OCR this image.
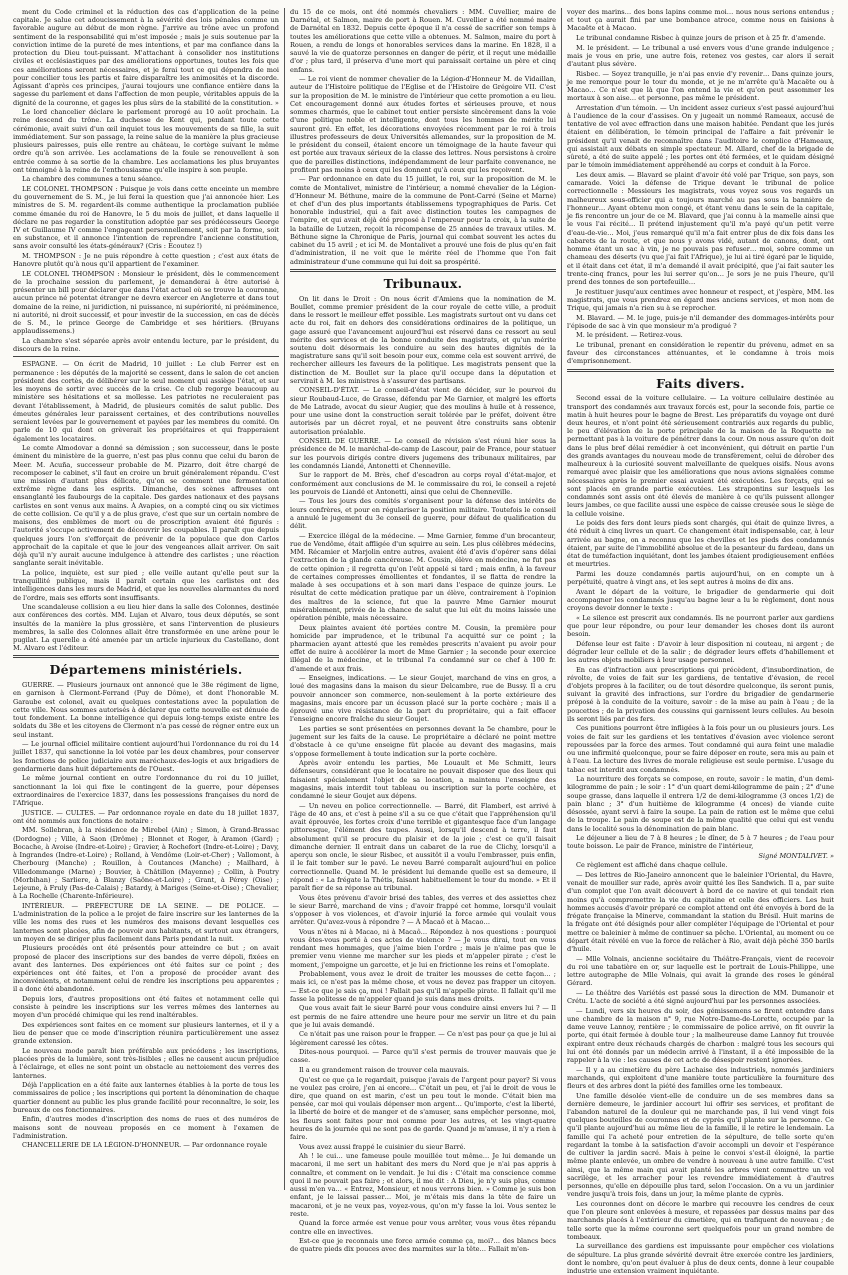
ment du Code criminel et la réduction des cas d'application de la peine capitale. Je salue cet adoucissement à la sévérité des lois pénales comme un favorable augure au début de mon règne. J'arrive au trône avec un profond sentiment de la responsabilité qui m'est imposée ; mais je suis soutenue par la conviction intime de la pureté de mes intentions, et par ma confiance dans la protection du Dieu tout-puissant. M'attachant à consolider nos institutions civiles et ecclésiastiques par des améliorations opportunes, toutes les fois que ces améliorations seront nécessaires, et je ferai tout ce qui dépendra de moi pour concilier tous les partis et faire disparaître les animosités et la discorde. Agissant d'après ces principes, j'aurai toujours une confiance entière dans la sagesse du parlement et dans l'affection de mon peuple, véritables appuis de la dignité de la couronne, et gages les plus sûrs de la stabilité de la constitution. »

Le lord chancelier déclare le parlement prorogé au 10 août prochain. La reine descend du trône. La duchesse de Kent qui, pendant toute cette cérémonie, avait suivi d'un œil inquiet tous les mouvements de sa fille, la suit immédiatement. Sur son passage, la reine salue de la manière la plus gracieuse plusieurs pairesses, puis elle rentre au château, le cortège suivant le même ordre qu'à son arrivée. Les acclamations de la foule se renouvellent à son entrée comme à sa sortie de la chambre. Les acclamations les plus bruyantes ont témoigné à la reine de l'enthousiasme qu'elle inspire à son peuple.

La chambre des communes a tenu séance.

LE COLONEL THOMPSON : Puisque je vois dans cette enceinte un membre du gouvernement de S. M., je lui ferai la question que j'ai annoncée hier. Les ministres de S. M. regardent-ils comme authentique la proclamation publiée comme émanée du roi de Hanovre, le 5 du mois de juillet, et dans laquelle il déclare ne pas regarder la constitution adoptée par ses prédécesseurs George IV et Guillaume IV comme l'engageant personnellement, soit par la forme, soit en substance, et il annonce l'intention de reprendre l'ancienne constitution, sans avoir consulté les états-généraux? (Cris : Ecoutez !)

M. THOMPSON : Je ne puis répondre à cette question ; c'est aux états de Hanovre plutôt qu'à nous qu'il appartient de l'examiner.

LE COLONEL THOMPSON : Monsieur le président, dès le commencement de la prochaine session du parlement, je demanderai à être autorisé à présenter un bill pour déclarer que dans l'état actuel où se trouve la couronne, aucun prince né potentat étranger ne devra exercer en Angleterre et dans tout domaine de la reine, ni juridiction, ni puissance, ni supériorité, ni prééminence, ni autorité, ni droit successif, et pour investir de la succession, en cas de décès de S. M., le prince George de Cambridge et ses héritiers. (Bruyans applaudissemens.)

La chambre s'est séparée après avoir entendu lecture, par le président, du discours de la reine.

ESPAGNE. — On écrit de Madrid, 10 juillet : Le club Ferrer est en permanence : les députés de la majorité se cessent, dans le salon de cet ancien président des cortès, de délibérer sur le seul moment qui assiège l'état, et sur les moyens de sortir avec succès de la crise. Ce club regorge beaucoup au ministère ses hésitations et sa mollesse. Les patriotes ne reculeraient pas devant l'établissement, à Madrid, de plusieurs comités de salut public. Des émeutes générales leur paraissent certaines, et des contributions nouvelles seraient levées par le gouvernement et payées par les membres du comité. On parle de 10 qui dont on grèverait les propriétaires et qui frapperaient également les locataires.

Le comte Almodovar a donné sa démission ; son successeur, dans le poste éminent du ministère de la guerre, n'est pas plus connu que celui du baron de Meer. M. Acuña, successeur probable de M. Pizarro, doit être chargé de recomposer le cabinet, s'il faut en croire un bruit généralement répandu. C'est une mission d'autant plus délicate, qu'on se comment une fermentation extrême règne dans les esprits. Dimanche, des scènes affreuses ont ensanglanté les faubourgs de la capitale. Des gardes nationaux et des paysans carlistes en sont venus aux mains. À Avapies, on a compté cinq ou six victimes de cette collision. Ce qu'il y a de plus grave, c'est que sur un certain nombre de maisons, des emblèmes de mort ou de proscription avaient été figurés : l'autorité s'occupe activement de découvrir les coupables. Il paraît que depuis quelques jours l'on s'efforçait de prévenir de la populace que don Carlos approchait de la capitale et que le jour des vengeances allait arriver. On sait déjà qu'il n'y aurait aucune indulgence à attendre des carlistes ; une réaction sanglante serait inévitable.

La police, inquiète, est sur pied ; elle veille autant qu'elle peut sur la tranquillité publique, mais il paraît certain que les carlistes ont des intelligences dans les murs de Madrid, et que les nouvelles alarmantes du nord de l'ordre, mais ses efforts sont insuffisants.

Une scandaleuse collision a eu lieu hier dans la salle des Colonnes, destinée aux conférences des cortès. MM. Lujan et Alvaro, tous deux députés, se sont insultés de la manière la plus grossière, et sans l'intervention de plusieurs membres, la salle des Colonnes allait être transformée en une arène pour le pugilat. La querelle a été amenée par un article injurieux du Castellano, dont M. Alvaro est l'éditeur.

Départemens ministériels.

GUERRE. — Plusieurs journaux ont annoncé que le 38e régiment de ligne, en garnison à Clermont-Ferrand (Puy de Dôme), et dont l'honorable M. Garaube est colonel, avait eu quelques contestations avec la population de cette ville. Nous sommes autorisés à déclarer que cette nouvelle est dénuée de tout fondement. La bonne intelligence qui depuis long-temps existe entre les soldats du 38e et les citoyens de Clermont n'a pas cessé de régner entre eux un seul instant.

— Le journal officiel militaire contient aujourd'hui l'ordonnance du roi du 14 juillet 1837, qui sanctionne la loi votée par les deux chambres, pour conserver les fonctions de police judiciaire aux maréchaux-des-logis et aux brigadiers de gendarmerie dans huit départements de l'Ouest.

Le même journal contient en outre l'ordonnance du roi du 10 juillet, sanctionnant la loi qui fixe le contingent de la guerre, pour dépenses extraordinaires de l'exercice 1837, dans les possessions françaises du nord de l'Afrique.

JUSTICE. — CULTES. — Par ordonnance royale en date du 18 juillet 1837, ont été nommés aux fonctions de notaire :

MM. Sollebran, à la résidence de Mirebel (Ain) ; Simon, à Grand-Brassac (Dordogne) ; Ville, à Saon (Drôme) ; Blonnet et Roger, à Aramon (Gard) ; Bocache, à Avoise (Indre-et-Loire) ; Gravier, à Rochefort (Indre-et-Loire) ; Davy, à Ingrandes (Indre-et-Loire) ; Rolland, à Vendôme (Loir-et-Cher) ; Vallomont, à Cherbourg (Manche) ; Rouillon, à Coutances (Manche) ; Mailhard, à Villedommange (Marne) ; Bouvier, à Châtillon (Mayenne) ; Collin, à Poutry (Morbihan) ; Sarliere, à Blanzy (Saône-et-Loire) ; Grant, à Pérey (Oise) ; Lejeune, à Fruly (Pas-de-Calais) ; Batardy, à Mariges (Seine-et-Oise) ; Chevalier, à La Rochelle (Charente-Inférieure).

INTÉRIEUR. — PRÉFECTURE DE LA SEINE. — DE POLICE. — L'administration de la police a le projet de faire inscrire sur les lanternes de la ville les noms des rues et les numéros des maisons devant lesquelles ces lanternes sont placées, afin de pouvoir aux habitants, et surtout aux étrangers, un moyen de se diriger plus facilement dans Paris pendant la nuit.

Plusieurs procédés ont été présentés pour atteindre ce but ; on avait proposé de placer des inscriptions sur des bandes de verre dépoli, fixées en avant des lanternes. Des expériences ont été faites sur ce point ; des expériences ont été faites, et l'on a proposé de procéder avant des inconvénients, et notamment celui de rendre les inscriptions peu apparentes ; il a donc été abandonné.

Depuis lors, d'autres propositions ont été faites et notamment celle qui consiste à peindre les inscriptions sur les verres mêmes des lanternes au moyen d'un procédé chimique qui les rend inaltérables.

Des expériences sont faites en ce moment sur plusieurs lanternes, et il y a lieu de penser que ce mode d'inscription réunira particulièrement une assez grande extension.

Le nouveau mode paraît bien préférable aux précédens ; les inscriptions, placées près de la lumière, sont très-lisibles ; elles ne causent aucun préjudice à l'éclairage, et elles ne sont point un obstacle au nettoiement des verres des lanternes.

Déjà l'application en a été faite aux lanternes établies à la porte de tous les commissaires de police ; les inscriptions qui portent la dénomination de chaque quartier donnent au public les plus grande facilité pour reconnaître, le soir, les bureaux de ces fonctionnaires.

Enfin, d'autres modes d'inscription des noms de rues et des numéros de maisons sont de nouveau proposés en ce moment à l'examen de l'administration.

CHANCELLERIE DE LA LÉGION-D'HONNEUR. — Par ordonnance royale

du 15 de ce mois, ont été nommés chevaliers : MM. Cuvellier, maire de Darnétal, et Salmon, maire de port à Rouen. M. Cuvellier a été nommé maire de Darnétal en 1832. Depuis cette époque il n'a cessé de sacrifier son temps à toutes les améliorations que cette ville a obtenues. M. Salmon, maire du port à Rouen, a rendu de longs et honorables services dans la marine. En 1828, il a sauvé la vie de quatorze personnes en danger de périr, et il reçut une médaille d'or ; plus tard, il préserva d'une mort qui paraissait certaine un père et cinq enfans.

— Le roi vient de nommer chevalier de la Légion-d'Honneur M. de Vidaillan, auteur de l'Histoire politique de l'Eglise et de l'Histoire de Grégoire VII. C'est sur la proposition de M. le ministre de l'intérieur que cette promotion a eu lieu. Cet encouragement donné aux études fortes et sérieuses prouve, et nous sommes charmés, que le cabinet tout entier persiste sincèrement dans la voie d'une politique noble et intelligente, dont tous les hommes de mérite lui sauront gré. En effet, les décorations envoyées récemment par le roi à trois illustres professeurs de deux Universités allemandes, sur la proposition de M. le président du conseil, étaient encore un témoignage de la haute faveur qui est portée aux travaux sérieux de la classe des lettres. Nous persistons à croire que de pareilles distinctions, indépendamment de leur parfaite convenance, ne profitent pas moins à ceux qui les donnent qu'à ceux qui les reçoivent.

— Par ordonnance en date du 15 juillet, le roi, sur la proposition de M. le comte de Montalivet, ministre de l'intérieur, a nommé chevalier de la Légion-d'Honneur M. Béthune, maire de la commune de Pont-Carré (Seine et Marne) et chef d'un des plus importants établissemens typographiques de Paris. Cet honorable industriel, qui a fait avec distinction toutes les campagnes de l'empire, et qui avait déjà été proposé à l'empereur pour la croix, à la suite de la bataille de Lutzen, reçoit la récompense de 25 années de travaux utiles. M. Béthune signe la Chronique de Paris, journal qui combat souvent les actes du cabinet du 15 avril ; et ici M. de Montalivet a prouvé une fois de plus qu'en fait d'administration, il ne voit que le mérite réel de l'homme que l'on fait administrateur d'une commune qui lui doit sa prospérité.

Tribunaux.

On lit dans le Droit : On nous écrit d'Amiens que la nomination de M. Boullet, comme premier président de la cour royale de cette ville, a produit dans le ressort le meilleur effet possible. Les magistrats surtout ont vu dans cet acte du roi, fait en dehors des considérations ordinaires de la politique, un gage assuré que l'avancement aujourd'hui est réservé dans ce ressort au seul mérite des services et de la bonne conduite des magistrats, et qu'un mérite soutenu doit désormais les conduire au sein des hautes dignités de la magistrature sans qu'il soit besoin pour eux, comme cela est souvent arrivé, de rechercher ailleurs les faveurs de la politique. Les magistrats pensent que la distinction de M. Boullet sur la place qu'il occupe dans la députation et servirait à M. les ministres à s'assurer des partisans.

CONSEIL-D'ÉTAT. — Le conseil-d'état vient de décider, sur le pourvoi du sieur Roubaud-Luce, de Grasse, défendu par Me Garnier, et malgré les efforts de Me Latrade, avocat du sieur Augier, que des moulins à huile et à ressence, pour une usine dont la construction serait tolérée par le préfet, doivent être autorisés par un décret royal, et ne peuvent être construits sans obtenir autorisation préalable.

CONSEIL DE GUERRE. — Le conseil de révision s'est réuni hier sous la présidence de M. le maréchal-de-camp de Lascour, pair de France, pour statuer sur les pourvois dirigés contre divers jugemens des tribunaux militaires, par les condamnés Liandé, Antonetti et Chenneville.

Sur le rapport de M. Brès, chef d'escadron au corps royal d'état-major, et conformément aux conclusions de M. le commissaire du roi, le conseil a rejeté les pourvois de Liandé et Antonetti, ainsi que celui de Chenneville.

— Tous les jours des comités s'organisent pour la défense des intérêts de leurs confrères, et pour en régulariser la position militaire. Toutefois le conseil a annulé le jugement du 3e conseil de guerre, pour défaut de qualification du délit.

— Exercice illégal de la médecine. — Mme Garnier, femme d'un brocanteur, rue de Vendôme, était affligée d'un squirre au sein. Les plus célèbres médecins, MM. Récamier et Marjolin entre autres, avaient été d'avis d'opérer sans délai l'extraction de la glande cancéreuse. M. Cousin, élève en médecine, ne fut pas de cette opinion ; il regretta qu'on l'eût appelé si tard ; mais enfin, à la faveur de certaines compresses émollientes et fondantes, il se flatta de rendre la malade à ses occupations et à son mari dans l'espace de quinze jours. Le résultat de cette médication pratique par un élève, contrairement à l'opinion des maîtres de la science, fut que la pauvre Mme Garnier mourut misérablement, privée de la chance de salut que lui eût du moins laissée une opération pénible, mais nécessaire.

Deux plaintes avaient été portées contre M. Cousin, la première pour homicide par imprudence, et le tribunal l'a acquitté sur ce point ; la pharmacien ayant attesté que les remèdes prescrits n'avaient pu avoir pour effet de nuire à accélérer la mort de Mme Garnier ; la seconde pour exercice illégal de la médecine, et le tribunal l'a condamné sur ce chef à 100 fr. d'amende et aux frais.

— Enseignes, indications. — Le sieur Goujet, marchand de vins en gros, a loué des magasins dans la maison du sieur Delcambre, rue de Bussy. Il a cru pouvoir annoncer son commerce, non-seulement à la porte extérieure des magasins, mais encore par un écusson placé sur la porte cochère ; mais il a éprouvé une vive résistance de la part du propriétaire, qui a fait effacer l'enseigne encore fraîche du sieur Goujet.

Les parties se sont présentées en personnes devant la 5e chambre, pour le jugement sur les faits de la cause. Le propriétaire a déclaré ne point mettre d'obstacle à ce qu'une enseigne fût placée au devant des magasins, mais s'oppose formellement à toute indication sur la porte cochère.

Après avoir entendu les parties, Me Louault et Me Schmitt, leurs défenseurs, considérant que le locataire ne pouvait disposer que des lieux qui faisaient spécialement l'objet de sa location, a maintenu l'enseigne des magasins, mais interdit tout tableau ou inscription sur la porte cochère, et condamné le sieur Goujet aux dépens.

— Un neveu en police correctionnelle. — Barré, dit Flamberl, est arrivé à l'âge de 40 ans, et c'est à peine s'il a su ce que c'était que l'appréhension qu'il avait éprouvée, les fortes croix d'une terrible et gigantesque face d'un langage pittoresque, l'élément des taupes. Aussi, lorsqu'il descend à terre, il faut absolument qu'il se procure du plaisir et de la joie ; c'est ce qu'il faisait dimanche dernier. Il entrait dans un cabaret de la rue de Clichy, lorsqu'il a aperçu son oncle, le sieur Risbec, et aussitôt il a voulu l'embrasser, puis enfin, il le fait tomber sur le pavé. Le neveu Barré comparaît aujourd'hui en police correctionnelle. Quand M. le président lui demande quelle est sa demeure, il répond : « La frégate la Thétis, faisant habituellement le tour du monde. » Et il paraît fier de sa réponse au tribunal.

Vous êtes prévenu d'avoir brisé des tables, des verres et des assiettes chez le sieur Barré, marchand de vins ; d'avoir frappé cet homme, lorsqu'il voulait s'opposer à vos violences, et d'avoir injurié la force armée qui voulait vous arrêter. Qu'avez-vous à répondre ? — À Macaô et à Macao…

Vous n'êtes ni à Macao, ni à Macaô… Répondez à nos questions : pourquoi vous êtes-vous porté à ces actes de violence ? — Je vous dirai, tout en vous rendant mes hommages, que j'aime bien l'ordre ; mais je n'aime pas que le premier venu vienne me marcher sur les pieds et m'appeler pirate ; c'est le moment, j'empoigne un garcette, et je lui en frictionne les reins et l'omoplate.

Probablement, vous avez le droit de traiter les mousses de cette façon… ; mais ici, ce n'est pas la même chose, et vous ne devez pas frapper un citoyen. — Est-ce que je sais ça, moi ! Fallait pas qu'il m'appelle pirate. Il fallait qu'il me fasse la politesse de m'appeler quand je suis dans mes droits.

Que vous avait fait le sieur Barré pour vous conduire ainsi envers lui ? — Il est permis de ne faire attendre une heure pour me servir un litre et du pain que je lui avais demandé.

Ce n'était pas une raison pour le frapper. — Ce n'est pas pour ça que je lui ai légèrement caressé les côtes.

Dites-nous pourquoi. — Parce qu'il s'est permis de trouver mauvais que je casse.

Il a eu grandement raison de trouver cela mauvais.

Qu'est ce que ça le regardait, puisque j'avais de l'argent pour payer? Si vous ne voulez pas croire, j'en ai encore… C'était un peu, et j'ai le droit de vous le dire, que quand on est marin, c'est un peu tout le monde. C'était bien ma pensée, car moi qui voulais dépenser mon argent… Qu'importe, c'est la liberté, la liberté de boire et de manger et de s'amuser, sans empêcher personne, moi, les fleurs sont faites pour moi comme pour les autres, et les vingt-quatre heures de la journée qui ne sont pas de garde. Quand je m'amuse, il n'y a rien à faire.

Vous avez aussi frappé le cuisinier du sieur Barré.

Ah ! le cui… une fameuse poule mouillée tout même… Je lui demande un macaroni, il me sert un habitant des mers du Nord que je n'ai pas appris à connaître, et comment on le vendait. Je lui dis : C'était ma conscience comme quoi il ne pouvait pas faire ; et alors, il me dit : A Dieu, je n'y suis plus, comme aussi m'en va… « Entrez, Monsieur, et nous verrons bien. » Comme je suis bon enfant, je le laissai passer… Moi, je m'étais mis dans la tête de faire un macaroni, et je ne veux pas, voyez-vous, qu'on m'y fasse la loi. Vous sentez le reste.

Quand la force armée est venue pour vous arrêter, vous vous êtes répandu contre elle en invectives.

Est-ce que je reconnais une force armée comme ça, moi?… des blancs becs de quatre pieds dix pouces avec des marmites sur la tête… Fallait m'en-

voyer des marins… des bons lapins comme moi… nous nous serions entendus ; et tout ça aurait fini par une bombance atroce, comme nous en faisions à Macaëte et à Macao.

Le tribunal condamne Risbec à quinze jours de prison et à 25 fr. d'amende.

M. le président. — Le tribunal a usé envers vous d'une grande indulgence ; mais je vous en prie, une autre fois, retenez vos gestes, car alors il serait d'autant plus sévère.

Risbec. — Soyez tranquille, je n'ai pas envie d'y revenir… Dans quinze jours, je me remorque pour le tour du monde, et je ne m'arrête qu'à Macaëte ou à Macao… Ce n'est que là que l'on entend la vie et qu'on peut assommer les mortaux à son aise… et personne, pas même le président.

Arrestation d'un témoin. — Un incident assez curieux s'est passé aujourd'hui à l'audience de la cour d'assises. On y jugeait un nommé Rameaux, accusé de tentative de vol avec effraction dans une maison habitée. Pendant que les jurés étaient en délibération, le témoin principal de l'affaire a fait prévenir le président qu'il venait de reconnaître dans l'auditoire le complice d'Hameaux, qui assistait aux débats en simple spectateur. M. Allard, chef de la brigade de sûreté, a été de suite appelé ; les portes ont été fermées, et le quidam désigné par le témoin immédiatement appréhendé au corps et conduit à la Force.

Les deux amis. — Blavard se plaint d'avoir été volé par Trique, son pays, son camarade. Voici la défense de Trique devant le tribunal de police correctionnelle : Messieurs les magistrats, vous voyez sous vos regards un malheureux sous-officier qui a toujours marché au pas sous la bannière de l'honneur… Ayant obtenu mon congé, et étant venu dans le sein de la capitale, je fis rencontre un jour de ce M. Blavard, que j'ai connu à la mamelle ainsi que le vous l'ai récité… Il prétend injustement qu'il m'a payé qu'un petit verre d'eau-de-vie… Moi, j'eus remarqué qu'il m'a fait entrer plus de dix fois dans les cabarets de la route, et que nous y avons vidé, autant de canons, dont, ont homme étant un sac à vin, je ne pouvais pas refuser… moi, sobre comme un chameau des déserts (vu que j'ai fait l'Afrique), je lui ai tiré égaré par le liquide, et il était dans cet état, il m'a demandé il avait précipité, que j'ai fait sauter les trente-cinq francs, pour les lui serrer qu'on… Je sors je ne puis l'heure, qu'il prend des tonnes de son portefeuille…

Je restituer jusqu'aux centimes avec honneur et respect, et j'espère, MM. les magistrats, que vous prendrez en égard mes anciens services, et mon nom de Trique, qui jamais n'a rien su à se reprocher.

M. Blavard. — M. le juge, puis-je n'il demander des dommages-intérêts pour l'épisode de sac à vin que monsieur m'a prodigué ?

M. le président. — Retirez-vous.

Le tribunal, prenant en considération le repentir du prévenu, admet en sa faveur des circonstances atténuantes, et le condamne à trois mois d'emprisonnement.

Faits divers.

Second essai de la voiture cellulaire. — La voiture cellulaire destinée au transport des condamnés aux travaux forcés est, pour la seconde fois, partie ce matin à huit heures pour le bagne de Brest. Les préparatifs du voyage ont duré deux heures, et n'ont point été sérieusement contrariés aux regards du public, le peu d'élévation de la porte principale de la maison de la Roquette ne permettant pas à la voiture de pénétrer dans la cour. On nous assure qu'on doit dans le plus bref délai remédier à cet inconvénient, qui détruit en partie l'un des grands avantages du nouveau mode de transfèrement, celui de dérober des malheureux à la curiosité souvent malveillante de quelques oisifs. Nous avons remarqué avec plaisir que les améliorations que nous avions signalées comme nécessaires après le premier essai avaient été exécutées. Les forçats, qui se sont placés en grande partie exécutées. Les strapontins sur lesquels les condamnés sont assis ont été élevés de manière à ce qu'ils puissent allonger leurs jambes, ce que facilite aussi une espèce de caisse creusée sous le siège de la cellule voisine.

Le poids des fers dont leurs pieds sont chargés, qui était de quinze livres, a été réduit à cinq livres un quart. Ce changement était indispensable, car, à leur arrivée au bagne, on a reconnu que les chevilles et les pieds des condamnés étaient, par suite de l'immobilité absolue et de la pesanteur du fardeau, dans un état de tuméfaction inquiétant, dont les jambes étaient prodigieusement enflées et meurtries.

Parmi les douze condamnés partis aujourd'hui, on en compte un à perpétuité, quatre à vingt ans, et les sept autres à moins de dix ans.

Avant le départ de la voiture, le brigadier de gendarmerie qui doit accompagner les condamnés jusqu'au bagne leur a lu le règlement, dont nous croyons devoir donner le texte :

« Le silence est prescrit aux condamnés. Ils ne pourront parler aux gardiens que pour leur répondre, ou pour leur demander les choses dont ils auront besoin.

Défense leur est faite : D'avoir à leur disposition ni couteau, ni argent ; de dégrader leur cellule et de la salir ; de dégrader leurs effets d'habillement et les autres objets mobiliers à leur usage personnel.

En cas d'infraction aux prescriptions qui précèdent, d'insubordination, de révolte, de voies de fait sur les gardiens, de tentative d'évasion, de recel d'objets propres à la faciliter, ou de tout désordre quelconque, ils seront punis, suivant la gravité des infractions, sur l'ordre du brigadier de gendarmerie préposé à la conduite de la voiture, savoir : de la mise au pain à l'eau ; de la poucettes ; de la privation des coussins qui garnissent leurs cellules. Au besoin ils seront liés par des fers.

Ces punitions pourront être infligées à la fois pour un ou plusieurs jours. Les voies de fait sur les gardiens et les tentatives d'évasion avec violence seront repoussées par la force des armes. Tout condamné qui aura feint une maladie ou une infirmité quelconque, pour se faire déposer en route, sera mis au pain et à l'eau. La lecture des livres de morale religieuse est seule permise. L'usage du tabac est interdit aux condamnés.

La nourriture des forçats se compose, en route, savoir : le matin, d'un demi-kilogramme de pain ; le soir : 1° d'un quart demi-kilogramme de pain ; 2° d'une soupe grasse, dans laquelle il entrera 1/2 de demi-kilogramme (3 onces 1/2) de pain blanc ; 3° d'un huitième de kilogramme (4 onces) de viande cuite désossée, ayant servi à faire la soupe. La pain de ration est le même que celui de la troupe. Le pain de soupe est de la même qualité que celui qui est vendu dans le localité sous la dénomination de pain blanc.

Le déjeuner a lieu de 7 à 8 heures ; le dîner, de 5 à 7 heures ; de l'eau pour toute boisson. Le pair de France, ministre de l'intérieur,

Signé MONTALIVET. »

Ce règlement est affiché dans chaque cellule.

— Des lettres de Rio-Janeiro annoncent que le baleinier l'Oriental, du Havre, venait de mouiller sur rade, après avoir quitté les îles Sandwich. Il a, par suite d'un complot que l'on avait découvert à bord de ce navire et qui tendait rien moins qu'à compromettre la vie du capitaine et celle des officiers. Les huit hommes accusés d'avoir préparé ce complot attend ont été envoyés à bord de la frégate française la Minerve, commandant la station du Brésil. Huit marins de la frégate ont été désignés pour aller compléter l'équipage de l'Oriental et pour mettre ce baleinier à même de continuer sa pêche. L'Oriental, au moment ou ce départ était révélé en vue la force de relâcher à Rio, avait déjà pêché 350 barils d'huile.

— Mlle Volnais, ancienne sociétaire du Théâtre-Français, vient de recevoir du roi une tabatière en or, sur laquelle est le portrait de Louis-Philippe, une lettre autographe de Mlle Volnais, qui avait la grande des roses le général Gérard.

— Le théâtre des Variétés est passé sous la direction de MM. Dumanoir et Crétu. L'acte de société a été signé aujourd'hui par les personnes associées.

— Lundi, vers six heures du soir, des gémissemens se firent entendre dans une chambre de la maison n° 9, rue Notre-Dame-de-Lorette, occupée par la dame veuve Lannoy, rentière ; le commissaire de police arrivé, on fit ouvrir la porte, qui était fermée à double tour ; la malheureuse dame Lannoy fut trouvée expirant entre deux réchauds chargés de charbon : malgré tous les secours qui lui ont été donnés par un médecin arrivé à l'instant, il a été impossible de la rappeler à la vie : les causes de cet acte de désespoir restent ignorées.

— Il y a au cimetière du père Lachaise des industriels, nommés jardiniers marchands, qui exploitent d'une manière toute particulière la fourniture des fleurs et des arbres dont la piété des familles orne les tombeaux.

Une famille désolée vient-elle de conduire un de ses membres dans sa dernière demeure, le jardinier accourt lui offrir ses services, et profitant de l'abandon naturel de la douleur qui ne marchande pas, il lui vend vingt fois quelques bouteilles de couronnes et de cyprès qu'il plante sur la personne. Ce qu'il plante aujourd'hui au même lieu de la famille, il le retire le lendemain. La famille qui l'a acheté pour entretien de la sépulture, de telle sorte qu'en regardant la tombe à la satisfaction d'avoir accompli un devoir et l'espérance de cultiver la jardin sacré. Mais à peine le convoi s'est-il éloigné, la partie même plante enlevée, un ombre de vendre à nouveau à une autre famille. C'est ainsi, que la même main qui avait planté les arbres vient commettre un vol sacrilège, et les arracher pour les revendre immédiatement à d'autres personnes, qu'elle en dépouille plus tard, selon l'occasion. On a vu un jardinier vendre jusqu'à trois fois, dans un jour, la même plante de cyprès.

Les couronnes dont on décore le marbre qui recouvre les cendres de ceux que l'on pleure sont enlevées à mesure, et repassées par dessus mains par des marchands placés à l'extérieur du cimetière, qui en trafiquent de nouveau ; de telle sorte que la même couronne sert quelquefois pour un grand nombre de tombeaux.

La surveillance des gardiens est impuissante pour empêcher ces violations de sépulture. La plus grande sévérité devrait être exercée contre les jardiniers, dont le nombre, qu'on peut évaluer à plus de deux cents, donne à leur coupable industrie une extension vraiment inquiétante.
